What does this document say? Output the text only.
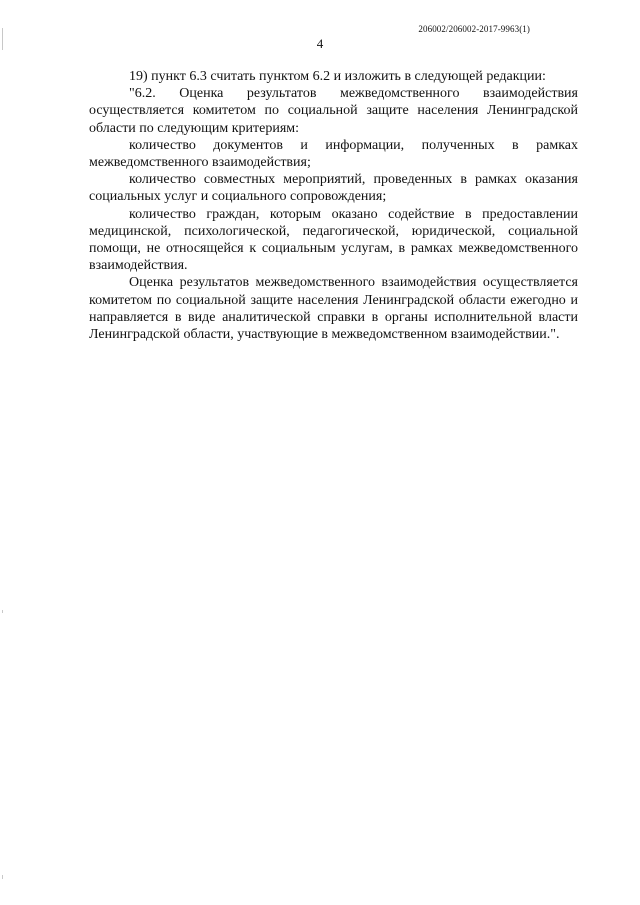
206002/206002-2017-9963(1)
4

19) пункт 6.3 считать пунктом 6.2 и изложить в следующей редакции:

"6.2. Оценка результатов межведомственного взаимодействия осуществляется комитетом по социальной защите населения Ленинградской области по следующим критериям:

количество документов и информации, полученных в рамках межведомственного взаимодействия;

количество совместных мероприятий, проведенных в рамках оказания социальных услуг и социального сопровождения;

количество граждан, которым оказано содействие в предоставлении медицинской, психологической, педагогической, юридической, социальной помощи, не относящейся к социальным услугам, в рамках межведомственного взаимодействия.

Оценка результатов межведомственного взаимодействия осуществляется комитетом по социальной защите населения Ленинградской области ежегодно и направляется в виде аналитической справки в органы исполнительной власти Ленинградской области, участвующие в межведомственном взаимодействии.".
